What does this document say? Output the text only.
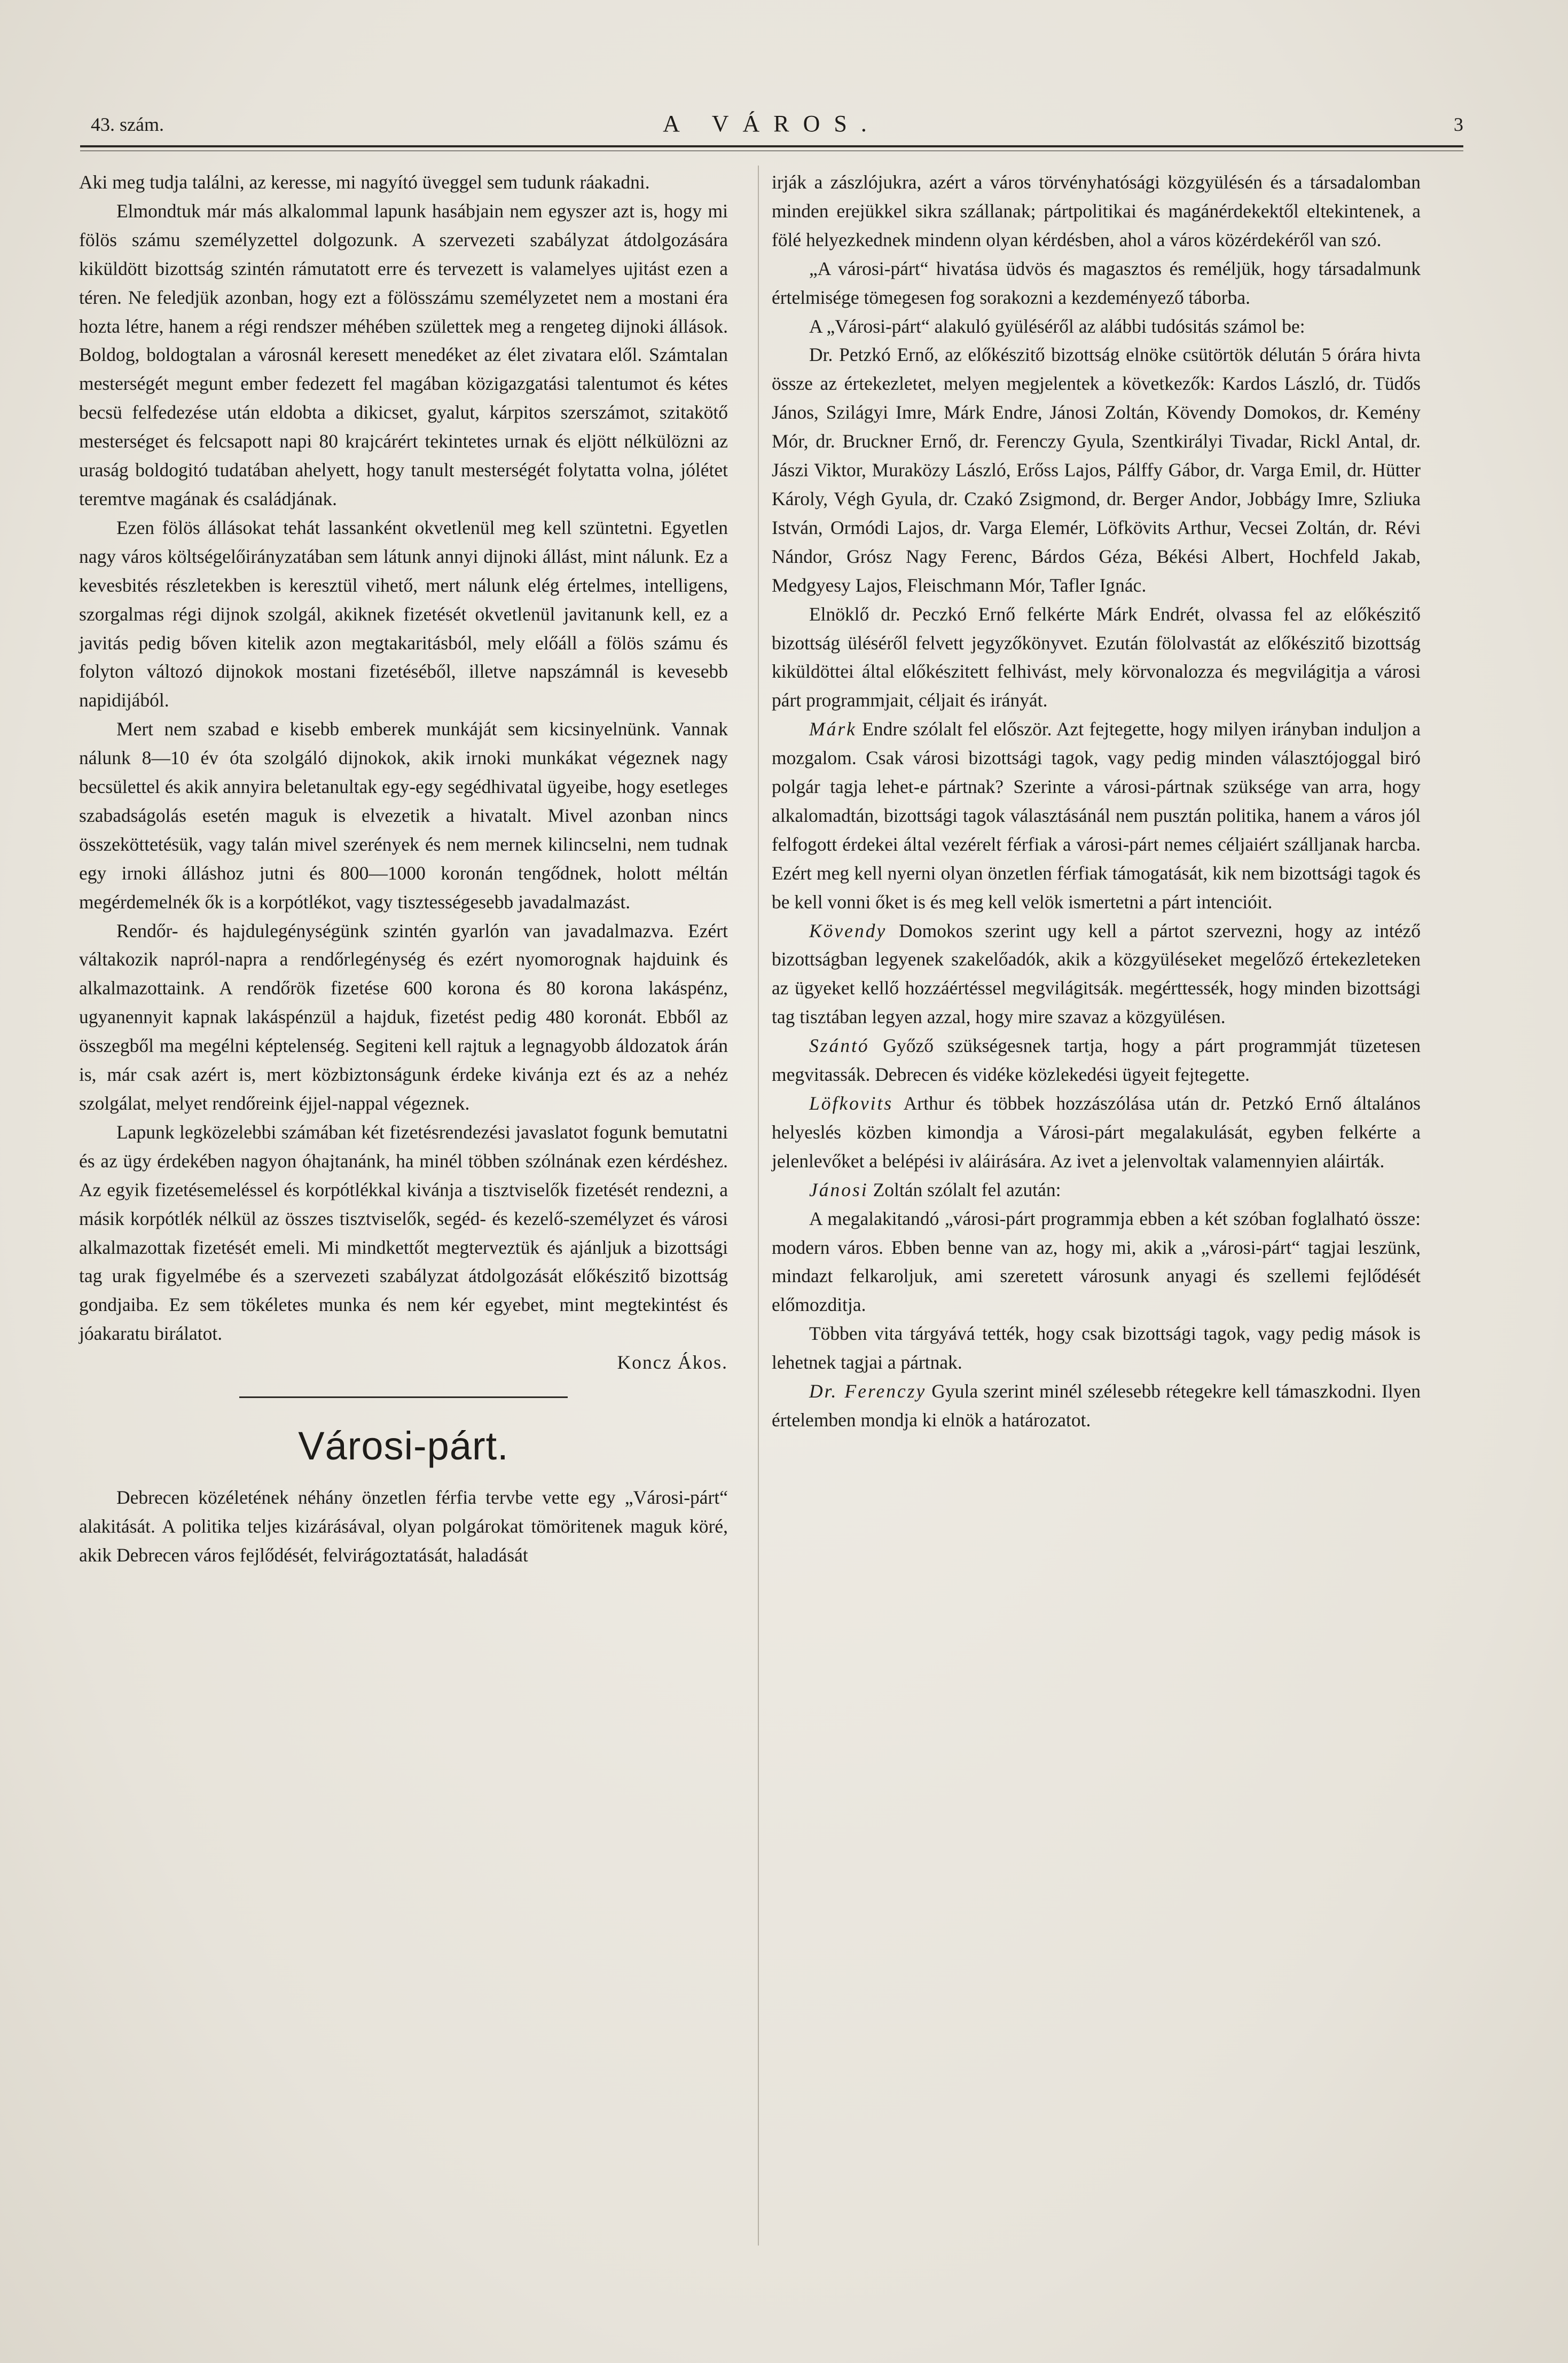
43. szám.	A VÁROS.	3

Aki meg tudja találni, az keresse, mi nagyító üveggel sem tudunk ráakadni.

Elmondtuk már más alkalommal lapunk hasábjain nem egyszer azt is, hogy mi fölös számu személyzettel dolgozunk. A szervezeti szabályzat átdolgozására kiküldött bizottság szintén rámutatott erre és tervezett is valamelyes ujitást ezen a téren. Ne feledjük azonban, hogy ezt a fölösszámu személyzetet nem a mostani éra hozta létre, hanem a régi rendszer méhében születtek meg a rengeteg dijnoki állások. Boldog, boldogtalan a városnál keresett menedéket az élet zivatara elől. Számtalan mesterségét megunt ember fedezett fel magában közigazgatási talentumot és kétes becsü felfedezése után eldobta a dikicset, gyalut, kárpitos szerszámot, szitakötő mesterséget és felcsapott napi 80 krajcárért tekintetes urnak és eljött nélkülözni az uraság boldogitó tudatában ahelyett, hogy tanult mesterségét folytatta volna, jólétet teremtve magának és családjának.

Ezen fölös állásokat tehát lassanként okvetlenül meg kell szüntetni. Egyetlen nagy város költségelőirányzatában sem látunk annyi dijnoki állást, mint nálunk. Ez a kevesbités részletekben is keresztül vihető, mert nálunk elég értelmes, intelligens, szorgalmas régi dijnok szolgál, akiknek fizetését okvetlenül javitanunk kell, ez a javitás pedig bőven kitelik azon megtakaritásból, mely előáll a fölös számu és folyton változó dijnokok mostani fizetéséből, illetve napszámnál is kevesebb napidijából.

Mert nem szabad e kisebb emberek munkáját sem kicsinyelnünk. Vannak nálunk 8—10 év óta szolgáló dijnokok, akik irnoki munkákat végeznek nagy becsülettel és akik annyira beletanultak egy-egy segédhivatal ügyeibe, hogy esetleges szabadságolás esetén maguk is elvezetik a hivatalt. Mivel azonban nincs összeköttetésük, vagy talán mivel szerények és nem mernek kilincselni, nem tudnak egy irnoki álláshoz jutni és 800—1000 koronán tengődnek, holott méltán megérdemelnék ők is a korpótlékot, vagy tisztességesebb javadalmazást.

Rendőr- és hajdulegénységünk szintén gyarlón van javadalmazva. Ezért váltakozik napról-napra a rendőrlegénység és ezért nyomorognak hajduink és alkalmazottaink. A rendőrök fizetése 600 korona és 80 korona lakáspénz, ugyanennyit kapnak lakáspénzül a hajduk, fizetést pedig 480 koronát. Ebből az összegből ma megélni képtelenség. Segiteni kell rajtuk a legnagyobb áldozatok árán is, már csak azért is, mert közbiztonságunk érdeke kivánja ezt és az a nehéz szolgálat, melyet rendőreink éjjel-nappal végeznek.

Lapunk legközelebbi számában két fizetésrendezési javaslatot fogunk bemutatni és az ügy érdekében nagyon óhajtanánk, ha minél többen szólnának ezen kérdéshez. Az egyik fizetésemeléssel és korpótlékkal kivánja a tisztviselők fizetését rendezni, a másik korpótlék nélkül az összes tisztviselők, segéd- és kezelő-személyzet és városi alkalmazottak fizetését emeli. Mi mindkettőt megterveztük és ajánljuk a bizottsági tag urak figyelmébe és a szervezeti szabályzat átdolgozását előkészitő bizottság gondjaiba. Ez sem tökéletes munka és nem kér egyebet, mint megtekintést és jóakaratu birálatot.

Koncz Ákos.

Városi-párt.

Debrecen közéletének néhány önzetlen férfia tervbe vette egy „Városi-párt“ alakitását. A politika teljes kizárásával, olyan polgárokat tömöritenek maguk köré, akik Debrecen város fejlődését, felvirágoztatását, haladását

irják a zászlójukra, azért a város törvényhatósági közgyülésén és a társadalomban minden erejükkel sikra szállanak; pártpolitikai és magánérdekektől eltekintenek, a fölé helyezkednek mindenn olyan kérdésben, ahol a város közérdekéről van szó.

„A városi-párt“ hivatása üdvös és magasztos és reméljük, hogy társadalmunk értelmisége tömegesen fog sorakozni a kezdeményező táborba.

A „Városi-párt“ alakuló gyüléséről az alábbi tudósitás számol be:

Dr. Petzkó Ernő, az előkészitő bizottság elnöke csütörtök délután 5 órára hivta össze az értekezletet, melyen megjelentek a következők: Kardos László, dr. Tüdős János, Szilágyi Imre, Márk Endre, Jánosi Zoltán, Kövendy Domokos, dr. Kemény Mór, dr. Bruckner Ernő, dr. Ferenczy Gyula, Szentkirályi Tivadar, Rickl Antal, dr. Jászi Viktor, Muraközy László, Erőss Lajos, Pálffy Gábor, dr. Varga Emil, dr. Hütter Károly, Végh Gyula, dr. Czakó Zsigmond, dr. Berger Andor, Jobbágy Imre, Szliuka István, Ormódi Lajos, dr. Varga Elemér, Löfkövits Arthur, Vecsei Zoltán, dr. Révi Nándor, Grósz Nagy Ferenc, Bárdos Géza, Békési Albert, Hochfeld Jakab, Medgyesy Lajos, Fleischmann Mór, Tafler Ignác.

Elnöklő dr. Peczkó Ernő felkérte Márk Endrét, olvassa fel az előkészitő bizottság üléséről felvett jegyzőkönyvet. Ezután fölolvastát az előkészitő bizottság kiküldöttei által előkészitett felhivást, mely körvonalozza és megvilágitja a városi párt programmjait, céljait és irányát.

Márk Endre szólalt fel először. Azt fejtegette, hogy milyen irányban induljon a mozgalom. Csak városi bizottsági tagok, vagy pedig minden választójoggal biró polgár tagja lehet-e pártnak? Szerinte a városi-pártnak szüksége van arra, hogy alkalomadtán, bizottsági tagok választásánál nem pusztán politika, hanem a város jól felfogott érdekei által vezérelt férfiak a városi-párt nemes céljaiért szálljanak harcba. Ezért meg kell nyerni olyan önzetlen férfiak támogatását, kik nem bizottsági tagok és be kell vonni őket is és meg kell velök ismertetni a párt intencióit.

Kövendy Domokos szerint ugy kell a pártot szervezni, hogy az intéző bizottságban legyenek szakelőadók, akik a közgyüléseket megelőző értekezleteken az ügyeket kellő hozzáértéssel megvilágitsák. megérttessék, hogy minden bizottsági tag tisztában legyen azzal, hogy mire szavaz a közgyülésen.

Szántó Győző szükségesnek tartja, hogy a párt programmját tüzetesen megvitassák. Debrecen és vidéke közlekedési ügyeit fejtegette.

Löfkovits Arthur és többek hozzászólása után dr. Petzkó Ernő általános helyeslés közben kimondja a Városi-párt megalakulását, egyben felkérte a jelenlevőket a belépési iv aláirására. Az ivet a jelenvoltak valamennyien aláirták.

Jánosi Zoltán szólalt fel azután:

A megalakitandó „városi-párt programmja ebben a két szóban foglalható össze: modern város. Ebben benne van az, hogy mi, akik a „városi-párt“ tagjai leszünk, mindazt felkaroljuk, ami szeretett városunk anyagi és szellemi fejlődését előmozditja.

Többen vita tárgyává tették, hogy csak bizottsági tagok, vagy pedig mások is lehetnek tagjai a pártnak.

Dr. Ferenczy Gyula szerint minél szélesebb rétegekre kell támaszkodni. Ilyen értelemben mondja ki elnök a határozatot.
